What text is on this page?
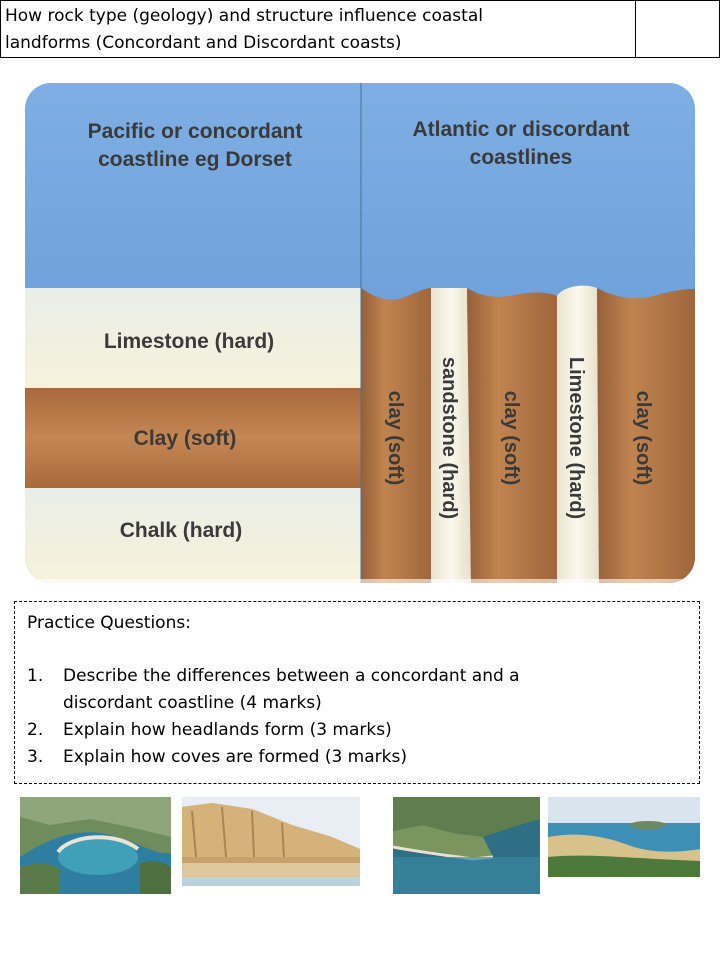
How rock type (geology) and structure influence coastal
landforms (Concordant and Discordant coasts)

Pacific or concordant
coastline eg Dorset
Atlantic or discordant
coastlines
Limestone (hard)
Clay (soft)
Chalk (hard)
clay (soft) sandstone (hard) clay (soft) Limestone (hard) clay (soft)
Practice Questions:
1. Describe the differences between a concordant and a
discordant coastline (4 marks)
2. Explain how headlands form (3 marks)
3. Explain how coves are formed (3 marks)
